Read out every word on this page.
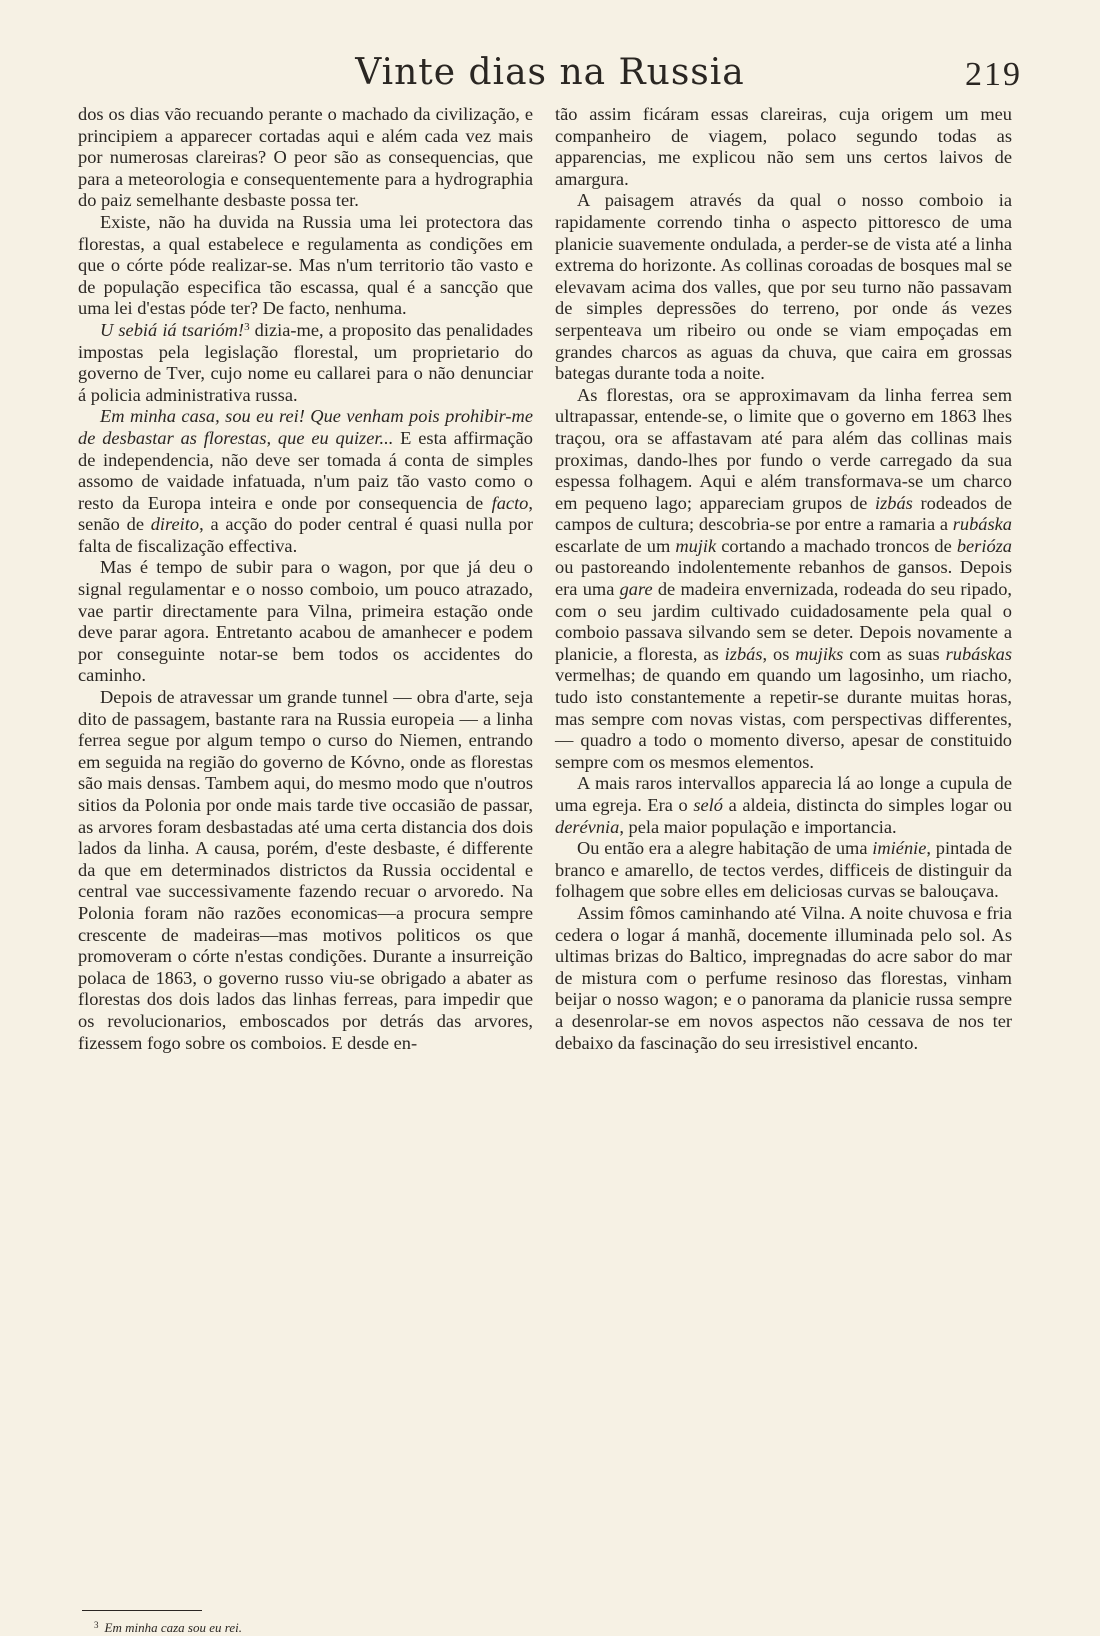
Vinte dias na Russia	219

dos os dias vão recuando perante o machado da civilização, e principiem a apparecer cortadas aqui e além cada vez mais por numerosas clareiras? O peor são as consequencias, que para a meteorologia e consequentemente para a hydrographia do paiz semelhante desbaste possa ter.

Existe, não ha duvida na Russia uma lei protectora das florestas, a qual estabelece e regulamenta as condições em que o córte póde realizar-se. Mas n'um territorio tão vasto e de população especifica tão escassa, qual é a sancção que uma lei d'estas póde ter? De facto, nenhuma.

U sebiá iá tsarióm!$^3$ dizia-me, a proposito das penalidades impostas pela legislação florestal, um proprietario do governo de Tver, cujo nome eu callarei para o não denunciar á policia administrativa russa.

Em minha casa, sou eu rei! Que venham pois prohibir-me de desbastar as florestas, que eu quizer... E esta affirmação de independencia, não deve ser tomada á conta de simples assomo de vaidade infatuada, n'um paiz tão vasto como o resto da Europa inteira e onde por consequencia de facto, senão de direito, a acção do poder central é quasi nulla por falta de fiscalização effectiva.

Mas é tempo de subir para o wagon, por que já deu o signal regulamentar e o nosso comboio, um pouco atrazado, vae partir directamente para Vilna, primeira estação onde deve parar agora. Entretanto acabou de amanhecer e podem por conseguinte notar-se bem todos os accidentes do caminho.

Depois de atravessar um grande tunnel — obra d'arte, seja dito de passagem, bastante rara na Russia europeia — a linha ferrea segue por algum tempo o curso do Niemen, entrando em seguida na região do governo de Kóvno, onde as florestas são mais densas. Tambem aqui, do mesmo modo que n'outros sitios da Polonia por onde mais tarde tive occasião de passar, as arvores foram desbastadas até uma certa distancia dos dois lados da linha. A causa, porém, d'este desbaste, é differente da que em determinados districtos da Russia occidental e central vae successivamente fazendo recuar o arvoredo. Na Polonia foram não razões economicas—a procura sempre crescente de madeiras—mas motivos politicos os que promoveram o córte n'estas condições. Durante a insurreição polaca de 1863, o governo russo viu-se obrigado a abater as florestas dos dois lados das linhas ferreas, para impedir que os revolucionarios, emboscados por detrás das arvores, fizessem fogo sobre os comboios. E desde en-

tão assim ficáram essas clareiras, cuja origem um meu companheiro de viagem, polaco segundo todas as apparencias, me explicou não sem uns certos laivos de amargura.

A paisagem através da qual o nosso comboio ia rapidamente correndo tinha o aspecto pittoresco de uma planicie suavemente ondulada, a perder-se de vista até a linha extrema do horizonte. As collinas coroadas de bosques mal se elevavam acima dos valles, que por seu turno não passavam de simples depressões do terreno, por onde ás vezes serpenteava um ribeiro ou onde se viam empoçadas em grandes charcos as aguas da chuva, que caira em grossas bategas durante toda a noite.

As florestas, ora se approximavam da linha ferrea sem ultrapassar, entende-se, o limite que o governo em 1863 lhes traçou, ora se affastavam até para além das collinas mais proximas, dando-lhes por fundo o verde carregado da sua espessa folhagem. Aqui e além transformava-se um charco em pequeno lago; appareciam grupos de izbás rodeados de campos de cultura; descobria-se por entre a ramaria a rubáska escarlate de um mujik cortando a machado troncos de berióza ou pastoreando indolentemente rebanhos de gansos. Depois era uma gare de madeira envernizada, rodeada do seu ripado, com o seu jardim cultivado cuidadosamente pela qual o comboio passava silvando sem se deter. Depois novamente a planicie, a floresta, as izbás, os mujiks com as suas rubáskas vermelhas; de quando em quando um lagosinho, um riacho, tudo isto constantemente a repetir-se durante muitas horas, mas sempre com novas vistas, com perspectivas differentes, — quadro a todo o momento diverso, apesar de constituido sempre com os mesmos elementos.

A mais raros intervallos apparecia lá ao longe a cupula de uma egreja. Era o seló a aldeia, distincta do simples logar ou derévnia, pela maior população e importancia.

Ou então era a alegre habitação de uma imiénie, pintada de branco e amarello, de tectos verdes, difficeis de distinguir da folhagem que sobre elles em deliciosas curvas se balouçava.

Assim fômos caminhando até Vilna. A noite chuvosa e fria cedera o logar á manhã, docemente illuminada pelo sol. As ultimas brizas do Baltico, impregnadas do acre sabor do mar de mistura com o perfume resinoso das florestas, vinham beijar o nosso wagon; e o panorama da planicie russa sempre a desenrolar-se em novos aspectos não cessava de nos ter debaixo da fascinação do seu irresistivel encanto.

$^3$ Em minha caza sou eu rei.
